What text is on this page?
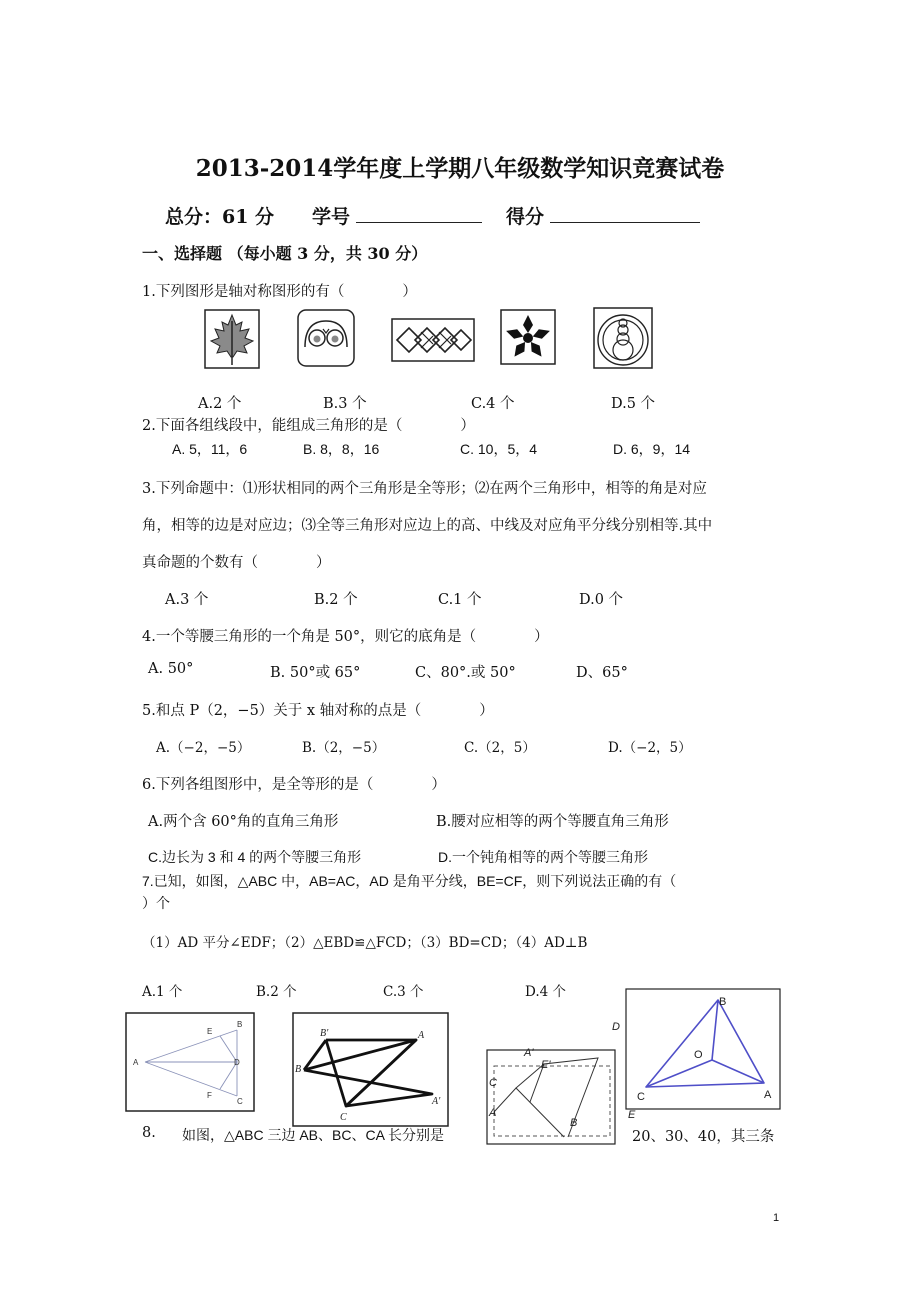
2013-2014学年度上学期八年级数学知识竞赛试卷
总分：61 分 学号	得分
一、选择题 （每小题 3 分，共 30 分）
1.下列图形是轴对称图形的有（　　　　）
A.2 个	B.3 个	C.4 个	D.5 个
2.下面各组线段中，能组成三角形的是（　　　　）
A. 5，11，6	B. 8，8，16	C. 10，5，4	D. 6，9，14
3.下列命题中：⑴形状相同的两个三角形是全等形；⑵在两个三角形中，相等的角是对应
角，相等的边是对应边；⑶全等三角形对应边上的高、中线及对应角平分线分别相等.其中
真命题的个数有（　　　　）
A.3 个	B.2 个	C.1 个	D.0 个
4.一个等腰三角形的一个角是 50°，则它的底角是（　　　　）
A. 50°	B. 50°或 65°	C、80°.或 50°	D、65°
5.和点 P（2，−5）关于 x 轴对称的点是（　　　　）
A.（−2，−5）	B.（2，−5）	C.（2，5）	D.（−2，5）
6.下列各组图形中，是全等形的是（　　　　）
A.两个含 60°角的直角三角形	B.腰对应相等的两个等腰直角三角形
C.边长为 3 和 4 的两个等腰三角形	D.一个钝角相等的两个等腰三角形
7.已知，如图，△ABC 中，AB=AC，AD 是角平分线，BE=CF，则下列说法正确的有（
）个
（1）AD 平分∠EDF；（2）△EBD≌△FCD；（3）BD=CD；（4）AD⊥B
A.1 个	B.2 个	C.3 个	D.4 个
A
E
B
D
F
C
B'	A
B
A'
C
A'
E'
C
A
B
D
B
O
C	A
E
8. 如图，△ABC 三边 AB、BC、CA 长分别是	20、30、40，其三条
1
